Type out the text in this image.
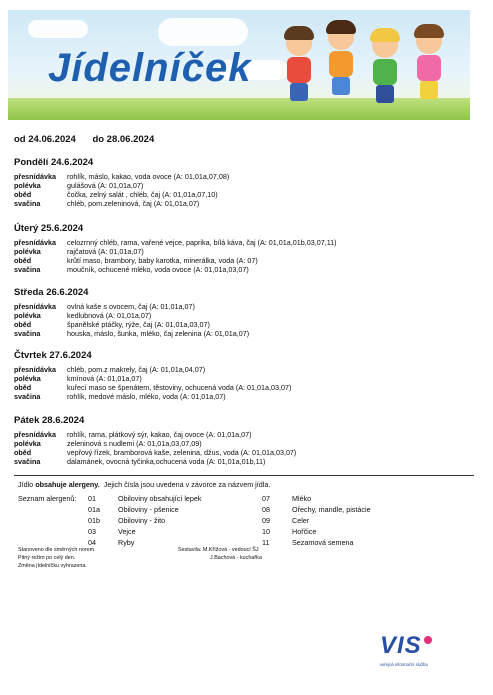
Jídelníček
od 24.06.2024 do 28.06.2024
Pondělí 24.6.2024
přesnídávka	rohlík, máslo, kakao, voda ovoce (A: 01,01a,07,08)
polévka	gulášová (A: 01,01a,07)
oběd	čočka, zelný salát , chléb, čaj (A: 01,01a,07,10)
svačina	chléb, pom.zeleninová, čaj (A: 01,01a,07)
Úterý 25.6.2024
přesnídávka	celozrnný chléb, rama, vařené vejce, paprika, bílá káva, čaj (A: 01,01a,01b,03,07,11)
polévka	rajčatová (A: 01,01a,07)
oběd	krůtí maso, brambory, baby karotka, minerálka, voda (A: 07)
svačina	moučník, ochucené mléko, voda ovoce (A: 01,01a,03,07)
Středa 26.6.2024
přesnídávka	ovlná kaše s ovocem, čaj (A: 01,01a,07)
polévka	kedlubnová (A: 01,01a,07)
oběd	španělské ptáčky, rýže, čaj (A: 01,01a,03,07)
svačina	houska, máslo, šunka, mléko, čaj zelenina (A: 01,01a,07)
Čtvrtek 27.6.2024
přesnídávka	chléb, pom.z makrely, čaj (A: 01,01a,04,07)
polévka	kmínová (A: 01,01a,07)
oběd	kuřecí maso se špenátem, těstoviny, ochucená voda (A: 01,01a,03,07)
svačina	rohlík, medové máslo, mléko, voda (A: 01,01a,07)
Pátek 28.6.2024
přesnídávka	rohlík, rama, plátkový sýr, kakao, čaj ovoce (A: 01,01a,07)
polévka	zeleninová s nudlemi (A: 01,01a,03,07,09)
oběd	vepřový řízek, bramborová kaše, zelenina, džus, voda (A: 01,01a,03,07)
svačina	dalamánek, ovocná tyčinka,ochucená voda (A: 01,01a,01b,11)
Jídlo obsahuje alergeny. Jejich čísla jsou uvedena v závorce za názvem jídla.
Seznam alergenů: 01	Obiloviny obsahující lepek
01a	Obiloviny - pšenice
01b	Obiloviny - žito
03	Vejce
04	Ryby
07	Mléko
08	Ořechy, mandle, pistácie
09	Celer
10	Hořčice
11	Sezamová semena
Stanoveno dle směrných norem.
Pitný režim po celý den.
Změna jídelníčku vyhrazena.
Sestavila: M.Křížová - vedoucí ŠJ
J.Bachová - kuchařka
VIS
veřejná informační služba
